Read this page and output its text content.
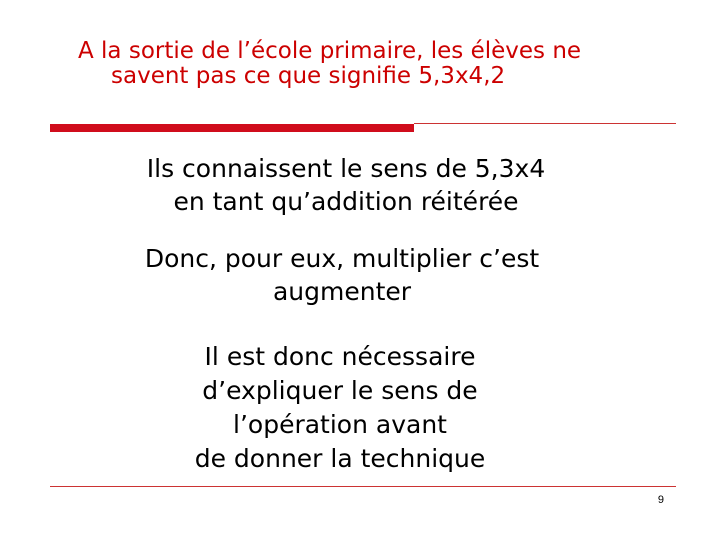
A la sortie de l’école primaire, les élèves ne
savent pas ce que signifie 5,3x4,2
Ils connaissent le sens de 5,3x4
en tant qu’addition réitérée
Donc, pour eux, multiplier c’est
augmenter
Il est donc nécessaire
d’expliquer le sens de
l’opération avant
de donner la technique
9
